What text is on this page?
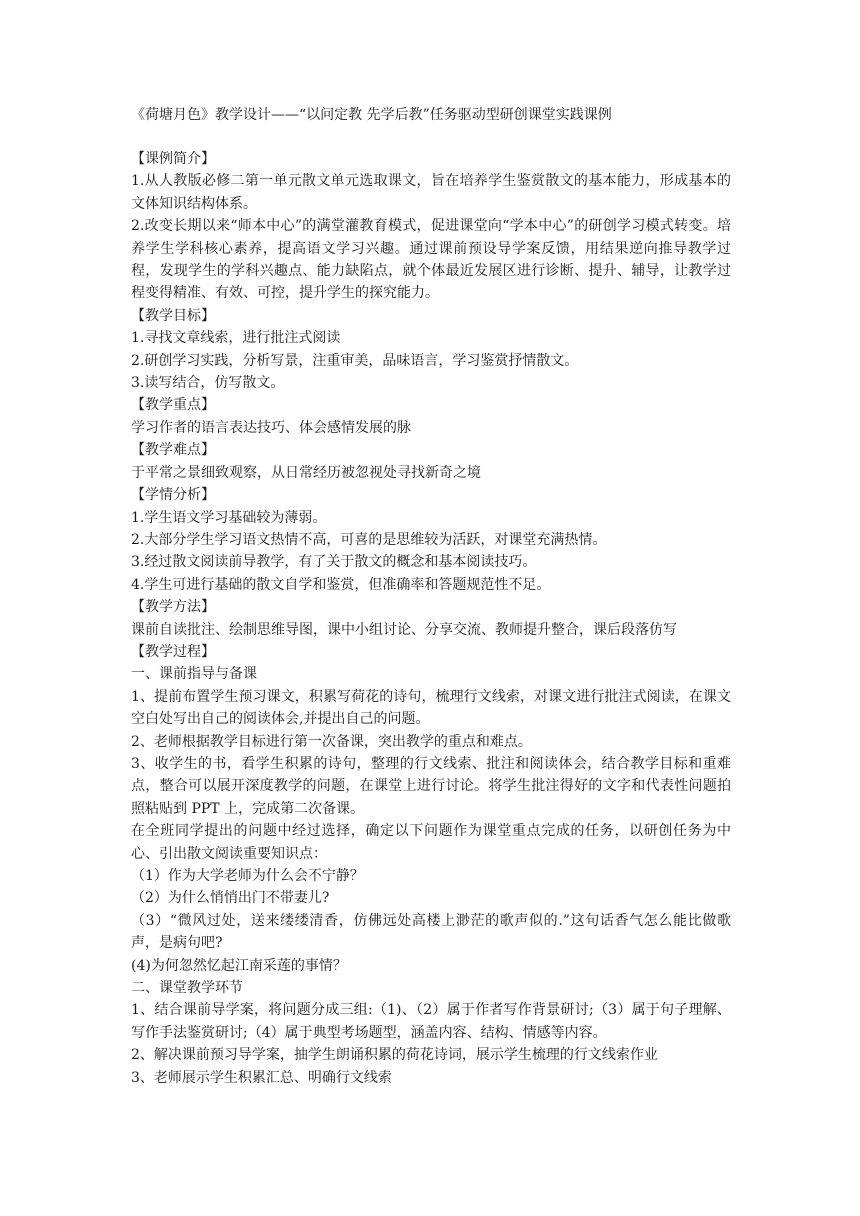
《荷塘月色》教学设计——“以问定教 先学后教”任务驱动型研创课堂实践课例

【课例简介】

1.从人教版必修二第一单元散文单元选取课文，旨在培养学生鉴赏散文的基本能力，形成基本的文体知识结构体系。

2.改变长期以来“师本中心”的满堂灌教育模式，促进课堂向“学本中心”的研创学习模式转变。培养学生学科核心素养，提高语文学习兴趣。通过课前预设导学案反馈，用结果逆向推导教学过程，发现学生的学科兴趣点、能力缺陷点，就个体最近发展区进行诊断、提升、辅导，让教学过程变得精准、有效、可控，提升学生的探究能力。

【教学目标】

1.寻找文章线索，进行批注式阅读

2.研创学习实践，分析写景，注重审美，品味语言，学习鉴赏抒情散文。

3.读写结合，仿写散文。

【教学重点】

学习作者的语言表达技巧、体会感情发展的脉

【教学难点】

于平常之景细致观察，从日常经历被忽视处寻找新奇之境

【学情分析】

1.学生语文学习基础较为薄弱。

2.大部分学生学习语文热情不高，可喜的是思维较为活跃，对课堂充满热情。

3.经过散文阅读前导教学，有了关于散文的概念和基本阅读技巧。

4.学生可进行基础的散文自学和鉴赏，但准确率和答题规范性不足。

【教学方法】

课前自读批注、绘制思维导图，课中小组讨论、分享交流、教师提升整合，课后段落仿写

【教学过程】

一、课前指导与备课

1、提前布置学生预习课文，积累写荷花的诗句，梳理行文线索，对课文进行批注式阅读，在课文空白处写出自己的阅读体会,并提出自己的问题。

2、老师根据教学目标进行第一次备课，突出教学的重点和难点。

3、收学生的书，看学生积累的诗句，整理的行文线索、批注和阅读体会，结合教学目标和重难点，整合可以展开深度教学的问题，在课堂上进行讨论。将学生批注得好的文字和代表性问题拍照粘贴到 PPT 上，完成第二次备课。

在全班同学提出的问题中经过选择，确定以下问题作为课堂重点完成的任务，以研创任务为中心、引出散文阅读重要知识点：

（1）作为大学老师为什么会不宁静？

（2）为什么悄悄出门不带妻儿?

（3）“微风过处，送来缕缕清香，仿佛远处高楼上渺茫的歌声似的.”这句话香气怎么能比做歌声，是病句吧?

(4)为何忽然忆起江南采莲的事情？

二、课堂教学环节

1、结合课前导学案，将问题分成三组:（1)、（2）属于作者写作背景研讨;（3）属于句子理解、写作手法鉴赏研讨;（4）属于典型考场题型，涵盖内容、结构、情感等内容。

2、解决课前预习导学案，抽学生朗诵积累的荷花诗词，展示学生梳理的行文线索作业

3、老师展示学生积累汇总、明确行文线索
